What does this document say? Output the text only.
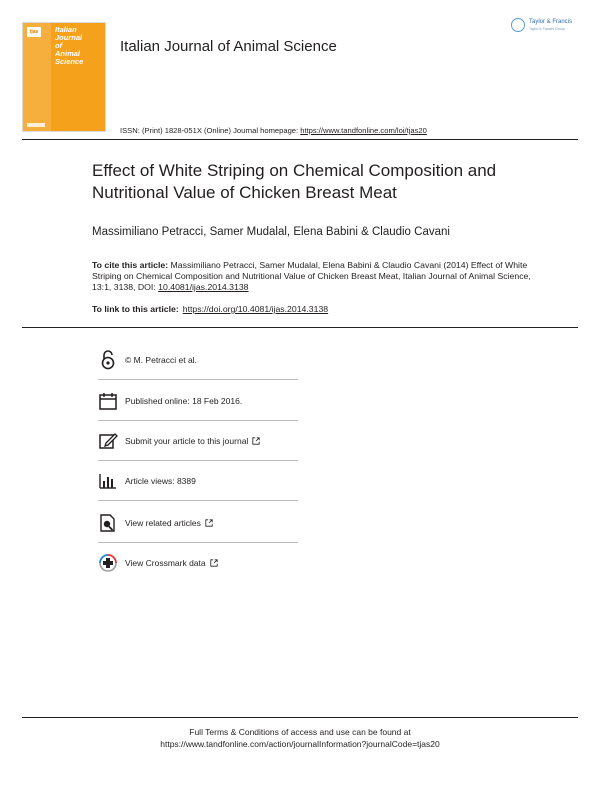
tjas	Italian
Journal
of
Animal
Science
Italian Journal of Animal Science
Taylor & Francis
Taylor & Francis Group
ISSN: (Print) 1828-051X (Online) Journal homepage: https://www.tandfonline.com/loi/tjas20
Effect of White Striping on Chemical Composition and Nutritional Value of Chicken Breast Meat
Massimiliano Petracci, Samer Mudalal, Elena Babini & Claudio Cavani
To cite this article: Massimiliano Petracci, Samer Mudalal, Elena Babini & Claudio Cavani (2014) Effect of White Striping on Chemical Composition and Nutritional Value of Chicken Breast Meat, Italian Journal of Animal Science, 13:1, 3138, DOI: 10.4081/ijas.2014.3138
To link to this article: https://doi.org/10.4081/ijas.2014.3138
© M. Petracci et al.
Published online: 18 Feb 2016.
Submit your article to this journal
Article views: 8389
View related articles
View Crossmark data
Full Terms & Conditions of access and use can be found at
https://www.tandfonline.com/action/journalInformation?journalCode=tjas20
